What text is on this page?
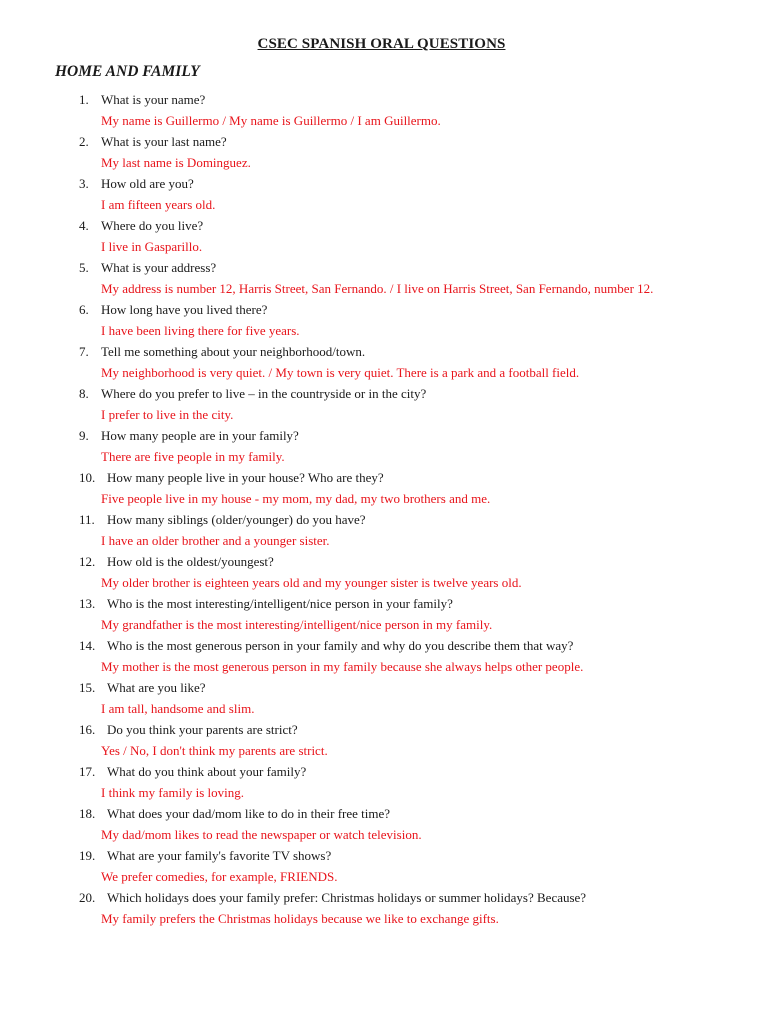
CSEC SPANISH ORAL QUESTIONS
HOME AND FAMILY
1. What is your name?
My name is Guillermo / My name is Guillermo / I am Guillermo.
2. What is your last name?
My last name is Dominguez.
3. How old are you?
I am fifteen years old.
4. Where do you live?
I live in Gasparillo.
5. What is your address?
My address is number 12, Harris Street, San Fernando. / I live on Harris Street, San Fernando, number 12.
6. How long have you lived there?
I have been living there for five years.
7. Tell me something about your neighborhood/town.
My neighborhood is very quiet. / My town is very quiet. There is a park and a football field.
8. Where do you prefer to live – in the countryside or in the city?
I prefer to live in the city.
9. How many people are in your family?
There are five people in my family.
10. How many people live in your house? Who are they?
Five people live in my house - my mom, my dad, my two brothers and me.
11. How many siblings (older/younger) do you have?
I have an older brother and a younger sister.
12. How old is the oldest/youngest?
My older brother is eighteen years old and my younger sister is twelve years old.
13. Who is the most interesting/intelligent/nice person in your family?
My grandfather is the most interesting/intelligent/nice person in my family.
14. Who is the most generous person in your family and why do you describe them that way?
My mother is the most generous person in my family because she always helps other people.
15. What are you like?
I am tall, handsome and slim.
16. Do you think your parents are strict?
Yes / No, I don't think my parents are strict.
17. What do you think about your family?
I think my family is loving.
18. What does your dad/mom like to do in their free time?
My dad/mom likes to read the newspaper or watch television.
19. What are your family's favorite TV shows?
We prefer comedies, for example, FRIENDS.
20. Which holidays does your family prefer: Christmas holidays or summer holidays? Because?
My family prefers the Christmas holidays because we like to exchange gifts.
